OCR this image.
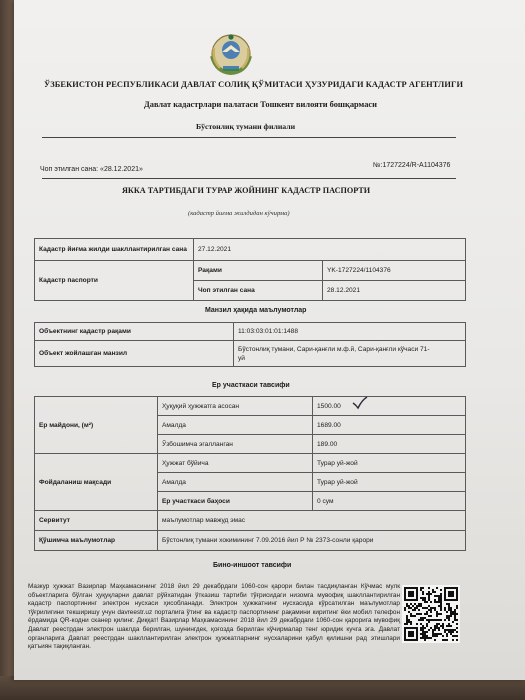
ЎЗБЕКИСТОН РЕСПУБЛИКАСИ ДАВЛАТ СОЛИҚ ҚЎМИТАСИ ҲУЗУРИДАГИ КАДАСТР АГЕНТЛИГИ
Давлат кадастрлари палатаси Тошкент вилояти бошқармаси
Бўстонлиқ тумани филиали
Чоп этилган сана: «28.12.2021»
№:1727224/R-A1104376
ЯККА ТАРТИБДАГИ ТУРАР ЖОЙНИНГ КАДАСТР ПАСПОРТИ
(кадастр йиғма жилдидан кўчирма)
Кадастр йиғма жилди шакллантирилган сана	27.12.2021	
Кадастр паспорти	Рақами	YK-1727224/1104376
	Чоп этилган сана	28.12.2021
Манзил ҳақида маълумотлар
Объектнинг кадастр рақами	11:03:03:01:01:1488
Объект жойлашган манзил	Бўстонлиқ тумани, Сари-қанғли м.ф.й, Сари-қанғли кўчаси 71-
уй
Ер участкаси тавсифи
Ер майдони, (м²)	Ҳуқуқий ҳужжатга асосан	1500.00
	Амалда	1689.00
	Ўзбошимча эгалланган	189.00
Фойдаланиш мақсади	Ҳужжат бўйича	Турар уй-жой
	Амалда	Турар уй-жой
	Ер участкаси баҳоси	0 сум
Сервитут	маълумотлар мавжуд эмас	
Қўшимча маълумотлар	Бўстонлиқ тумани хокимининг 7.09.2016 йил Р № 2373-сонли қарори	
Бино-иншоот тавсифи
Мазкур ҳужжат Вазирлар Маҳкамасининг 2018 йил 29 декабрдаги 1060-сон қарори билан тасдиқланган Кўчмас мулк объектларига бўлган ҳуқуқларни давлат рўйхатидан ўтказиш тартиби тўғрисидаги низомга мувофиқ шакллантирилган кадастр паспортининг электрон нусхаси ҳисобланади. Электрон ҳужжатнинг нусхасида кўрсатилган маълумотлар тўғрилигини текширишу учун davreestr.uz порталига ўтинг ва кадастр паспортининг рақамини киритинг ёки мобил телефон ёрдамида QR-кодни сканер қилинг. Диққат! Вазирлар Маҳкамасининг 2018 йил 29 декабрдаги 1060-сон қарорига мувофиқ Давлат реестрдан электрон шаклда берилган, шунингдек, қоғозда берилган кўчирмалар тенг юридик кучга эга. Давлат органларига Давлат реестрдан шакллантирилган электрон ҳужжатларнинг нусхаларини қабул қилишни рад этишлари қатъиян тақиқланган.
